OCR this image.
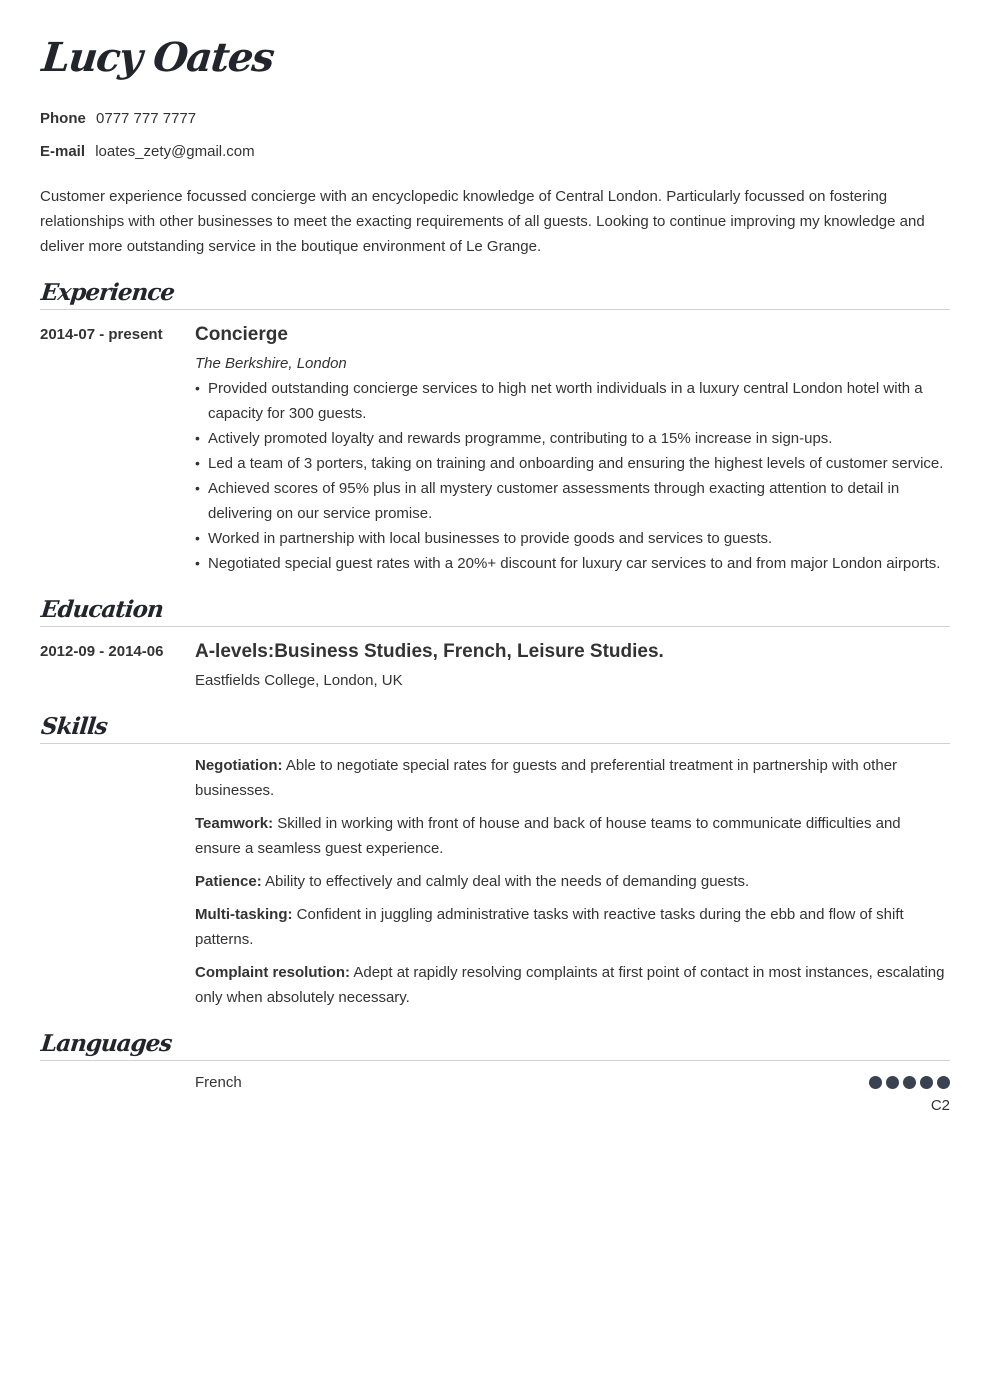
Lucy Oates
Phone 0777 777 7777
E-mail loates_zety@gmail.com
Customer experience focussed concierge with an encyclopedic knowledge of Central London. Particularly focussed on fostering relationships with other businesses to meet the exacting requirements of all guests. Looking to continue improving my knowledge and deliver more outstanding service in the boutique environment of Le Grange.
Experience
2014-07 - present Concierge
The Berkshire, London
• Provided outstanding concierge services to high net worth individuals in a luxury central London hotel with a capacity for 300 guests.
• Actively promoted loyalty and rewards programme, contributing to a 15% increase in sign-ups.
• Led a team of 3 porters, taking on training and onboarding and ensuring the highest levels of customer service.
• Achieved scores of 95% plus in all mystery customer assessments through exacting attention to detail in delivering on our service promise.
• Worked in partnership with local businesses to provide goods and services to guests.
• Negotiated special guest rates with a 20%+ discount for luxury car services to and from major London airports.
Education
2012-09 - 2014-06 A-levels:Business Studies, French, Leisure Studies.
Eastfields College, London, UK
Skills
Negotiation: Able to negotiate special rates for guests and preferential treatment in partnership with other businesses.
Teamwork: Skilled in working with front of house and back of house teams to communicate difficulties and ensure a seamless guest experience.
Patience: Ability to effectively and calmly deal with the needs of demanding guests.
Multi-tasking: Confident in juggling administrative tasks with reactive tasks during the ebb and flow of shift patterns.
Complaint resolution: Adept at rapidly resolving complaints at first point of contact in most instances, escalating only when absolutely necessary.
Languages
French
C2
